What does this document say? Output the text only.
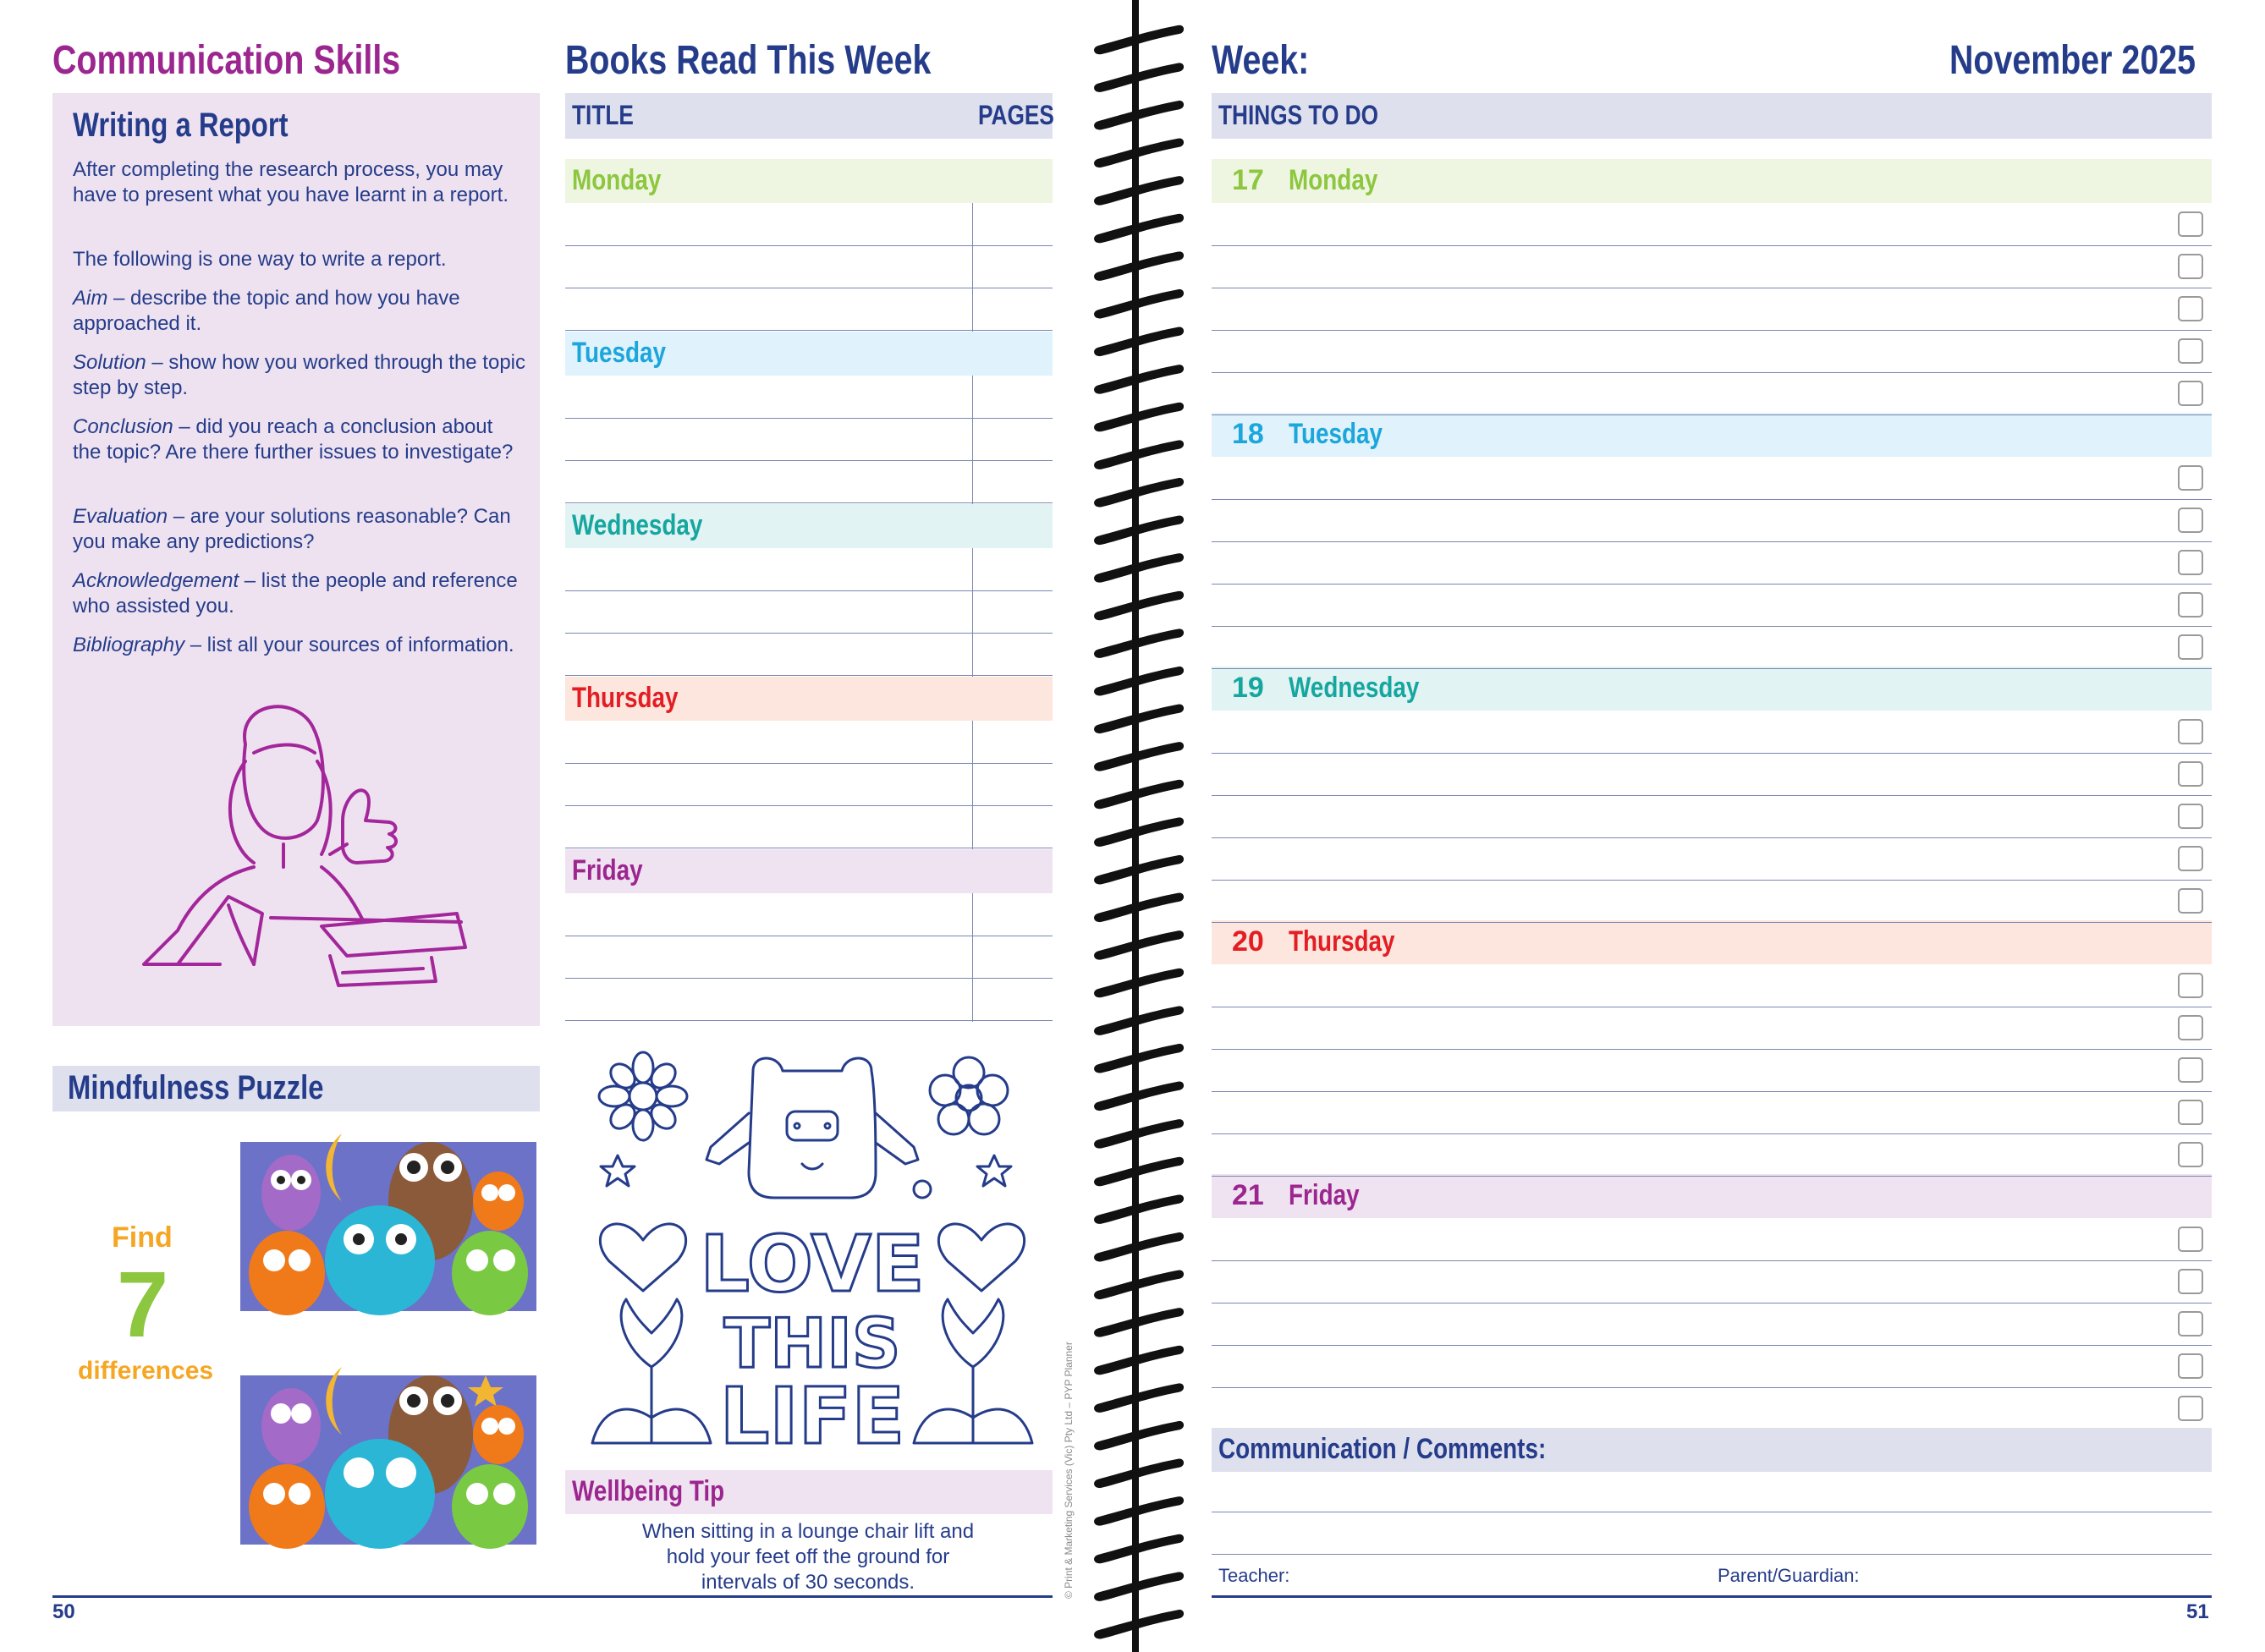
Communication Skills
Writing a Report
After completing the research process, you may have to present what you have learnt in a report.
The following is one way to write a report.
Aim – describe the topic and how you have approached it.
Solution – show how you worked through the topic step by step.
Conclusion – did you reach a conclusion about the topic? Are there further issues to investigate?
Evaluation – are your solutions reasonable? Can you make any predictions?
Acknowledgement – list the people and reference who assisted you.
Bibliography – list all your sources of information.
Mindfulness Puzzle
Find
7
differences
50
Books Read This Week
TITLE	PAGES
Monday
Tuesday
Wednesday
Thursday
Friday
LOVE
THIS
LIFE
Wellbeing Tip
When sitting in a lounge chair lift and hold your feet off the ground for intervals of 30 seconds.	© Print & Marketing Services (Vic) Pty Ltd – PYP Planner
Week:	November 2025
THINGS TO DO
17 Monday
18 Tuesday
19 Wednesday
20 Thursday
21 Friday
Communication / Comments:
Teacher:	Parent/Guardian:
51
